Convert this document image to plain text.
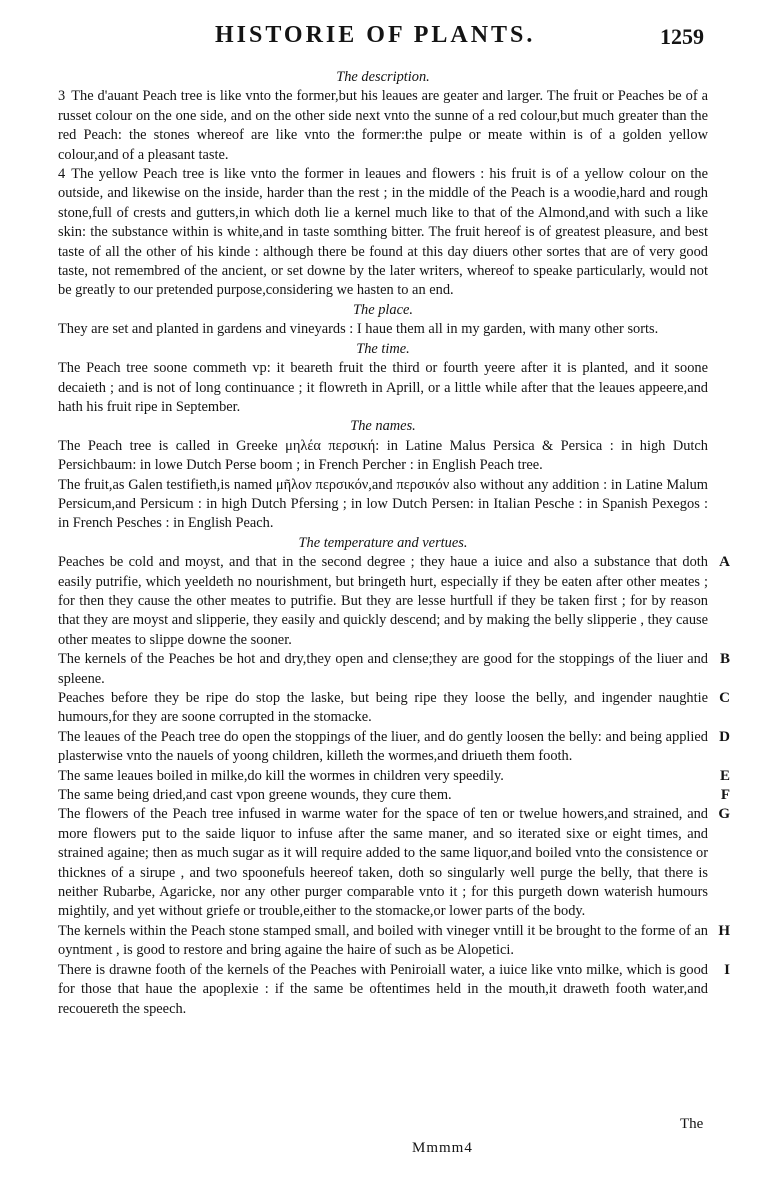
HISTORIE OF PLANTS.	1259

The description.

3 The d'auant Peach tree is like vnto the former,but his leaues are geater and larger. The fruit or Peaches be of a russet colour on the one side, and on the other side next vnto the sunne of a red colour,but much greater than the red Peach: the stones whereof are like vnto the former:the pulpe or meate within is of a golden yellow colour,and of a pleasant taste.

4 The yellow Peach tree is like vnto the former in leaues and flowers : his fruit is of a yellow colour on the outside, and likewise on the inside, harder than the rest ; in the middle of the Peach is a woodie,hard and rough stone,full of crests and gutters,in which doth lie a kernel much like to that of the Almond,and with such a like skin: the substance within is white,and in taste somthing bitter. The fruit hereof is of greatest pleasure, and best taste of all the other of his kinde : although there be found at this day diuers other sortes that are of very good taste, not remembred of the ancient, or set downe by the later writers, whereof to speake particularly, would not be greatly to our pretended purpose,considering we hasten to an end.

The place.

They are set and planted in gardens and vineyards : I haue them all in my garden, with many other sorts.

The time.

The Peach tree soone commeth vp: it beareth fruit the third or fourth yeere after it is planted, and it soone decaieth ; and is not of long continuance ; it flowreth in Aprill, or a little while after that the leaues appeere,and hath his fruit ripe in September.

The names.

The Peach tree is called in Greeke μηλέα περσική: in Latine Malus Persica & Persica : in high Dutch Persichbaum: in lowe Dutch Perse boom ; in French Percher : in English Peach tree.

The fruit,as Galen testifieth,is named μῆλον περσικόν,and περσικόν also without any addition : in Latine Malum Persicum,and Persicum : in high Dutch Pfersing ; in low Dutch Persen: in Italian Pesche : in Spanish Pexegos : in French Pesches : in English Peach.

The temperature and vertues.

Peaches be cold and moyst, and that in the second degree ; they haue a iuice and also a substance that doth easily putrifie, which yeeldeth no nourishment, but bringeth hurt, especially if they be eaten after other meates ; for then they cause the other meates to putrifie. But they are lesse hurtfull if they be taken first ; for by reason that they are moyst and slipperie, they easily and quickly descend; and by making the belly slipperie , they cause other meates to slippe downe the sooner.
A

The kernels of the Peaches be hot and dry,they open and clense;they are good for the stoppings of the liuer and spleene.
B

Peaches before they be ripe do stop the laske, but being ripe they loose the belly, and ingender naughtie humours,for they are soone corrupted in the stomacke.
C

The leaues of the Peach tree do open the stoppings of the liuer, and do gently loosen the belly: and being applied plasterwise vnto the nauels of yoong children, killeth the wormes,and driueth them footh.
D

The same leaues boiled in milke,do kill the wormes in children very speedily.	E

The same being dried,and cast vpon greene wounds, they cure them.	F

The flowers of the Peach tree infused in warme water for the space of ten or twelue howers,and strained, and more flowers put to the saide liquor to infuse after the same maner, and so iterated sixe or eight times, and strained againe; then as much sugar as it will require added to the same liquor,and boiled vnto the consistence or thicknes of a sirupe , and two spoonefuls heereof taken, doth so singularly well purge the belly, that there is neither Rubarbe, Agaricke, nor any other purger comparable vnto it ; for this purgeth down waterish humours mightily, and yet without griefe or trouble,either to the stomacke,or lower parts of the body.
G

The kernels within the Peach stone stamped small, and boiled with vineger vntill it be brought to the forme of an oyntment , is good to restore and bring againe the haire of such as be Alopetici.
H

There is drawne footh of the kernels of the Peaches with Peniroiall water, a iuice like vnto milke, which is good for those that haue the apoplexie : if the same be oftentimes held in the mouth,it draweth footh water,and recouereth the speech.
I

The
Mmmm4
